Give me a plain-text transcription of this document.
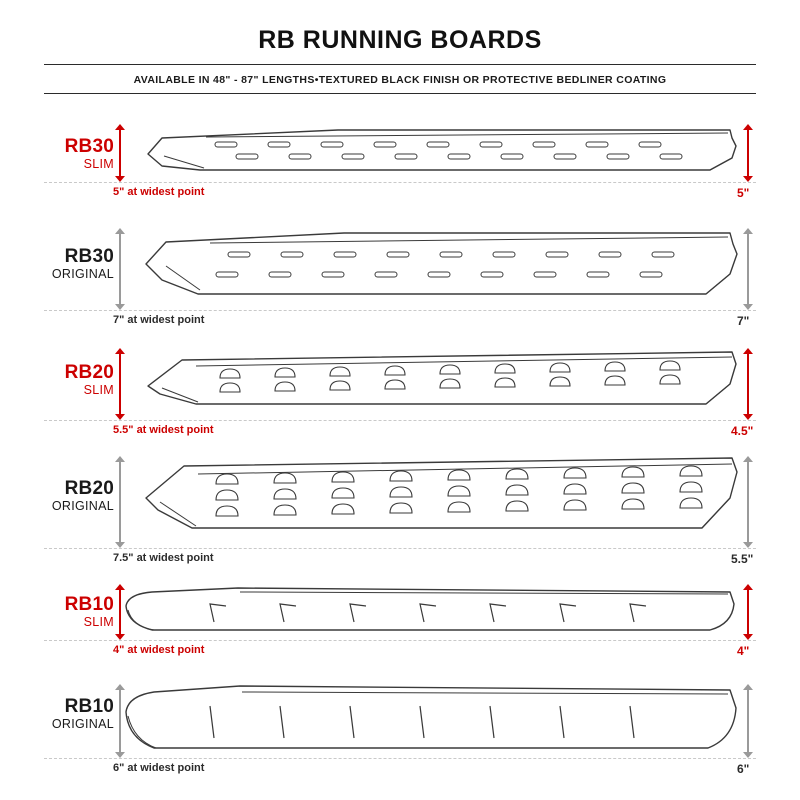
RB RUNNING BOARDS
AVAILABLE IN 48" - 87" LENGTHS•TEXTURED BLACK FINISH OR PROTECTIVE BEDLINER COATING
RB30
SLIM
5" at widest point	5"
RB30
ORIGINAL
7" at widest point	7"
RB20
SLIM
5.5" at widest point	4.5"
RB20
ORIGINAL
7.5" at widest point	5.5"
RB10
SLIM
4" at widest point	4"
RB10
ORIGINAL
6" at widest point	6"
